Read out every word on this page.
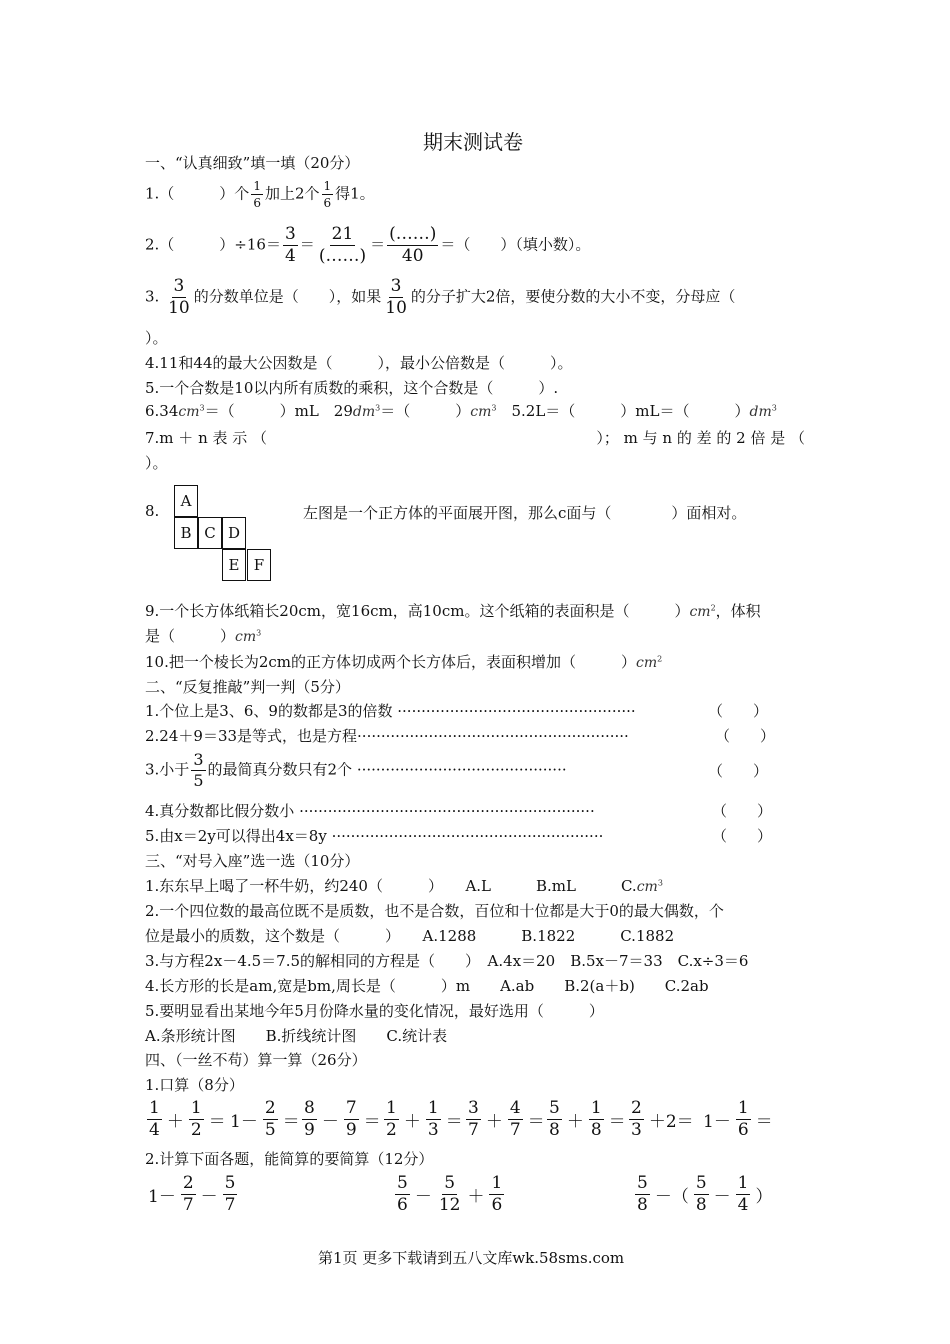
期末测试卷
一、“认真细致”填一填（20分）
1.（　　　）个 $\frac{1}{6}$ 加上2个 $\frac{1}{6}$ 得1。
2.（　　　）$\div 16= \frac{3}{4} = \frac{21}{(\dots\dots)} = \frac{(\dots\dots)}{40}$ ＝（　　）（填小数）。
3. $\frac{3}{10}$ 的分数单位是（　　），如果 $\frac{3}{10}$ 的分子扩大2倍，要使分数的大小不变，分母应（
）。
4.11和44的最大公因数是（　　　），最小公倍数是（　　　）。
5.一个合数是10以内所有质数的乘积，这个合数是（　　　）.
$6.34cm^3=$（　　　）mL　$29dm^3=$（　　　）$cm^3$　5.2L＝（　　　）mL＝（　　　）$dm^3$
7.m ＋ n 表 示 （	）； m 与 n 的 差 的 2 倍 是 （
）。
8.
A
B C D
E F
左图是一个正方体的平面展开图，那么c面与（　　　　）面相对。
9.一个长方体纸箱长20cm，宽16cm，高10cm。这个纸箱的表面积是（　　　）$cm^2$，体积
是（　　　）$cm^3$
10.把一个棱长为2cm的正方体切成两个长方体后，表面积增加（　　　）$cm^2$
二、“反复推敲”判一判（5分）
1.个位上是3、6、9的数都是3的倍数 ··················································	（　　）
2.24＋9＝33是等式，也是方程·························································	（　　）
3.小于 $\frac{3}{5}$ 的最简真分数只有2个 ············································	（　　）
4.真分数都比假分数小 ······························································	（　　）
5.由x＝2y可以得出4x＝8y ·························································	（　　）
三、“对号入座”选一选（10分）
1.东东早上喝了一杯牛奶，约240（　　　）　　A.L　　　B.mL　　　$C.cm^3$
2.一个四位数的最高位既不是质数，也不是合数，百位和十位都是大于0的最大偶数，个
位是最小的质数，这个数是（　　　）　　A.1288　　　B.1822　　　C.1882
3.与方程2x－4.5＝7.5的解相同的方程是（　　）　A.4x＝20　B.5x－7＝33　C.x÷3＝6
4.长方形的长是am,宽是bm,周长是（　　　）m　　A.ab　　B.2(a＋b)　　C.2ab
5.要明显看出某地今年5月份降水量的变化情况，最好选用（　　　）
A.条形统计图　　B.折线统计图　　C.统计表
四、（一丝不苟）算一算（26分）
1.口算（8分）
$\frac{1}{4} + \frac{1}{2} = 1- \frac{2}{5} = \frac{8}{9} - \frac{7}{9} = \frac{1}{2} + \frac{1}{3} = \frac{3}{7} + \frac{4}{7} = \frac{5}{8} + \frac{1}{8} = \frac{2}{3} +2= 1- \frac{1}{6}$ ＝
2.计算下面各题，能简算的要简算（12分）
$1- \frac{2}{7} - \frac{5}{7}$	$\frac{5}{6} - \frac{5}{12} + \frac{1}{6}$	$\frac{5}{8}$ －（ $\frac{5}{8} - \frac{1}{4}$ ）
第1页 更多下载请到五八文库wk.58sms.com
